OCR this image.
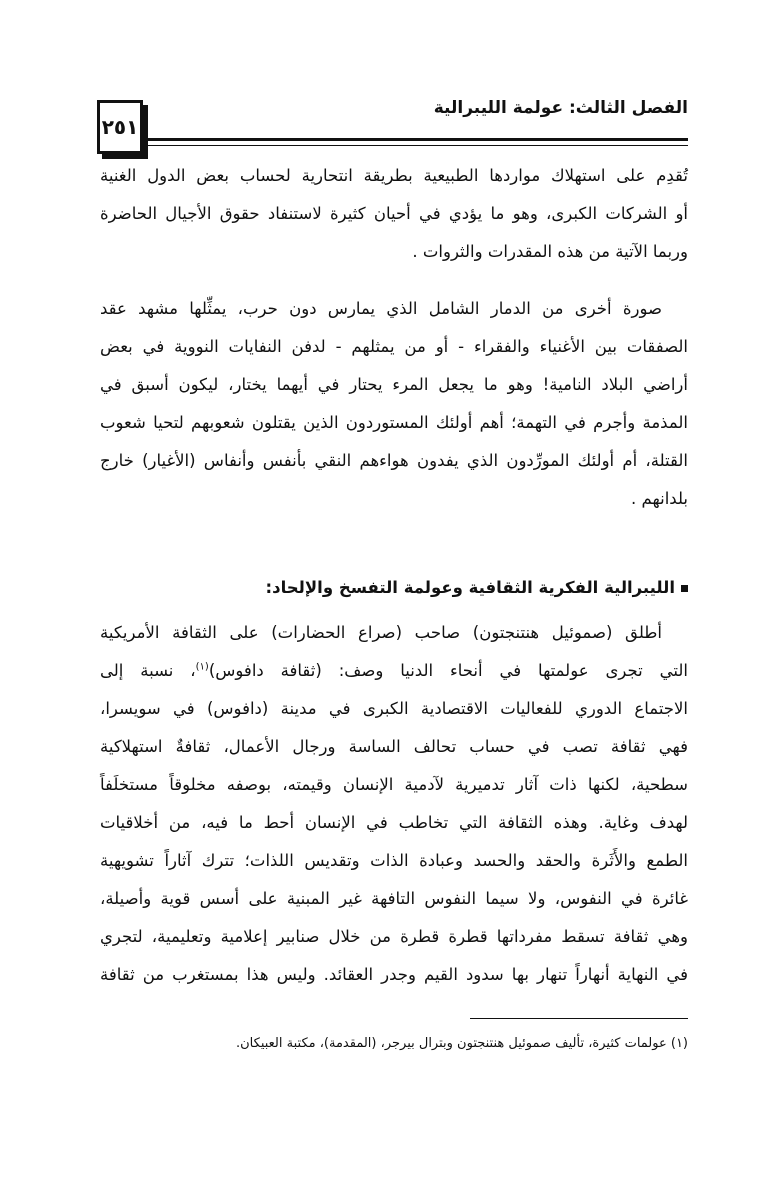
٢٥١
الفصل الثالث: عولمة الليبرالية
تُقدِم على استهلاك مواردها الطبيعية بطريقة انتحارية لحساب بعض الدول الغنية
أو الشركات الكبرى، وهو ما يؤدي في أحيان كثيرة لاستنفاد حقوق الأجيال الحاضرة
وربما الآتية من هذه المقدرات والثروات .
صورة أخرى من الدمار الشامل الذي يمارس دون حرب، يمثِّلها مشهد عقد
الصفقات بين الأغنياء والفقراء - أو من يمثلهم - لدفن النفايات النووية في بعض
أراضي البلاد النامية! وهو ما يجعل المرء يحتار في أيهما يختار، ليكون أسبق في
المذمة وأجرم في التهمة؛ أهم أولئك المستوردون الذين يقتلون شعوبهم لتحيا شعوب
القتلة، أم أولئك المورِّدون الذي يفدون هواءهم النقي بأنفس وأنفاس (الأغيار) خارج
بلدانهم .
الليبرالية الفكرية الثقافية وعولمة التفسخ والإلحاد:
أطلق (صموئيل هنتنجتون) صاحب (صراع الحضارات) على الثقافة الأمريكية
التي تجرى عولمتها في أنحاء الدنيا وصف: (ثقافة دافوس)$^{(١)}$، نسبة إلى
الاجتماع الدوري للفعاليات الاقتصادية الكبرى في مدينة (دافوس) في سويسرا،
فهي ثقافة تصب في حساب تحالف الساسة ورجال الأعمال، ثقافةٌ استهلاكية
سطحية، لكنها ذات آثار تدميرية لآدمية الإنسان وقيمته، بوصفه مخلوقاً مستخلَفاً
لهدف وغاية. وهذه الثقافة التي تخاطب في الإنسان أحط ما فيه، من أخلاقيات
الطمع والأَثَرة والحقد والحسد وعبادة الذات وتقديس اللذات؛ تترك آثاراً تشويهية
غائرة في النفوس، ولا سيما النفوس التافهة غير المبنية على أسس قوية وأصيلة،
وهي ثقافة تسقط مفرداتها قطرة قطرة من خلال صنابير إعلامية وتعليمية، لتجري
في النهاية أنهاراً تنهار بها سدود القيم وجدر العقائد. وليس هذا بمستغرب من ثقافة
(١) عولمات كثيرة، تأليف صموئيل هنتنجتون وبترال بيرجر، (المقدمة)، مكتبة العبيكان.
